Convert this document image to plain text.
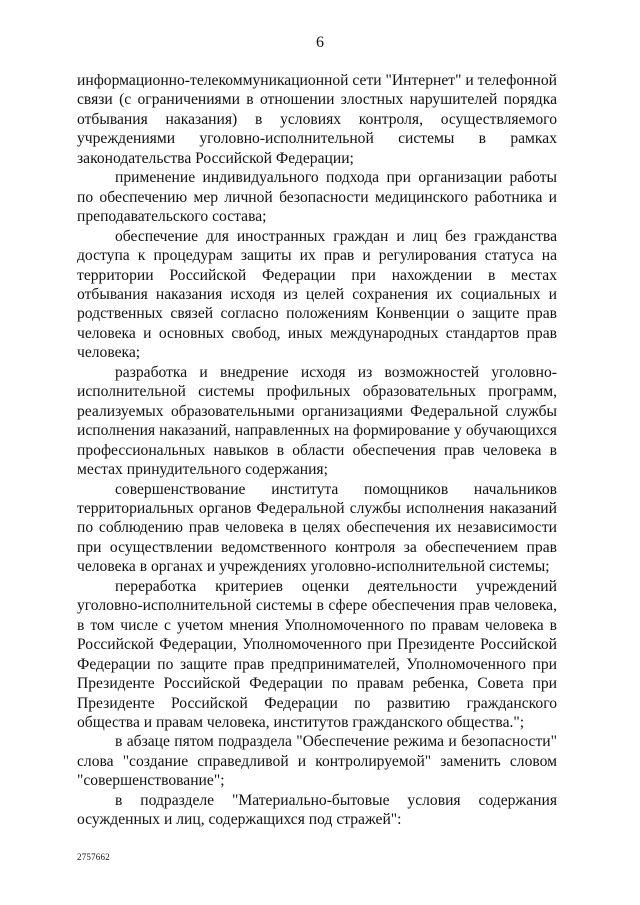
6

информационно-телекоммуникационной сети "Интернет" и телефонной связи (с ограничениями в отношении злостных нарушителей порядка отбывания наказания) в условиях контроля, осуществляемого учреждениями уголовно-исполнительной системы в рамках законодательства Российской Федерации;

применение индивидуального подхода при организации работы по обеспечению мер личной безопасности медицинского работника и преподавательского состава;

обеспечение для иностранных граждан и лиц без гражданства доступа к процедурам защиты их прав и регулирования статуса на территории Российской Федерации при нахождении в местах отбывания наказания исходя из целей сохранения их социальных и родственных связей согласно положениям Конвенции о защите прав человека и основных свобод, иных международных стандартов прав человека;

разработка и внедрение исходя из возможностей уголовно-исполнительной системы профильных образовательных программ, реализуемых образовательными организациями Федеральной службы исполнения наказаний, направленных на формирование у обучающихся профессиональных навыков в области обеспечения прав человека в местах принудительного содержания;

совершенствование института помощников начальников территориальных органов Федеральной службы исполнения наказаний по соблюдению прав человека в целях обеспечения их независимости при осуществлении ведомственного контроля за обеспечением прав человека в органах и учреждениях уголовно-исполнительной системы;

переработка критериев оценки деятельности учреждений уголовно-исполнительной системы в сфере обеспечения прав человека, в том числе с учетом мнения Уполномоченного по правам человека в Российской Федерации, Уполномоченного при Президенте Российской Федерации по защите прав предпринимателей, Уполномоченного при Президенте Российской Федерации по правам ребенка, Совета при Президенте Российской Федерации по развитию гражданского общества и правам человека, институтов гражданского общества.";

в абзаце пятом подраздела "Обеспечение режима и безопасности" слова "создание справедливой и контролируемой" заменить словом "совершенствование";

в подразделе "Материально-бытовые условия содержания осужденных и лиц, содержащихся под стражей":

2757662
